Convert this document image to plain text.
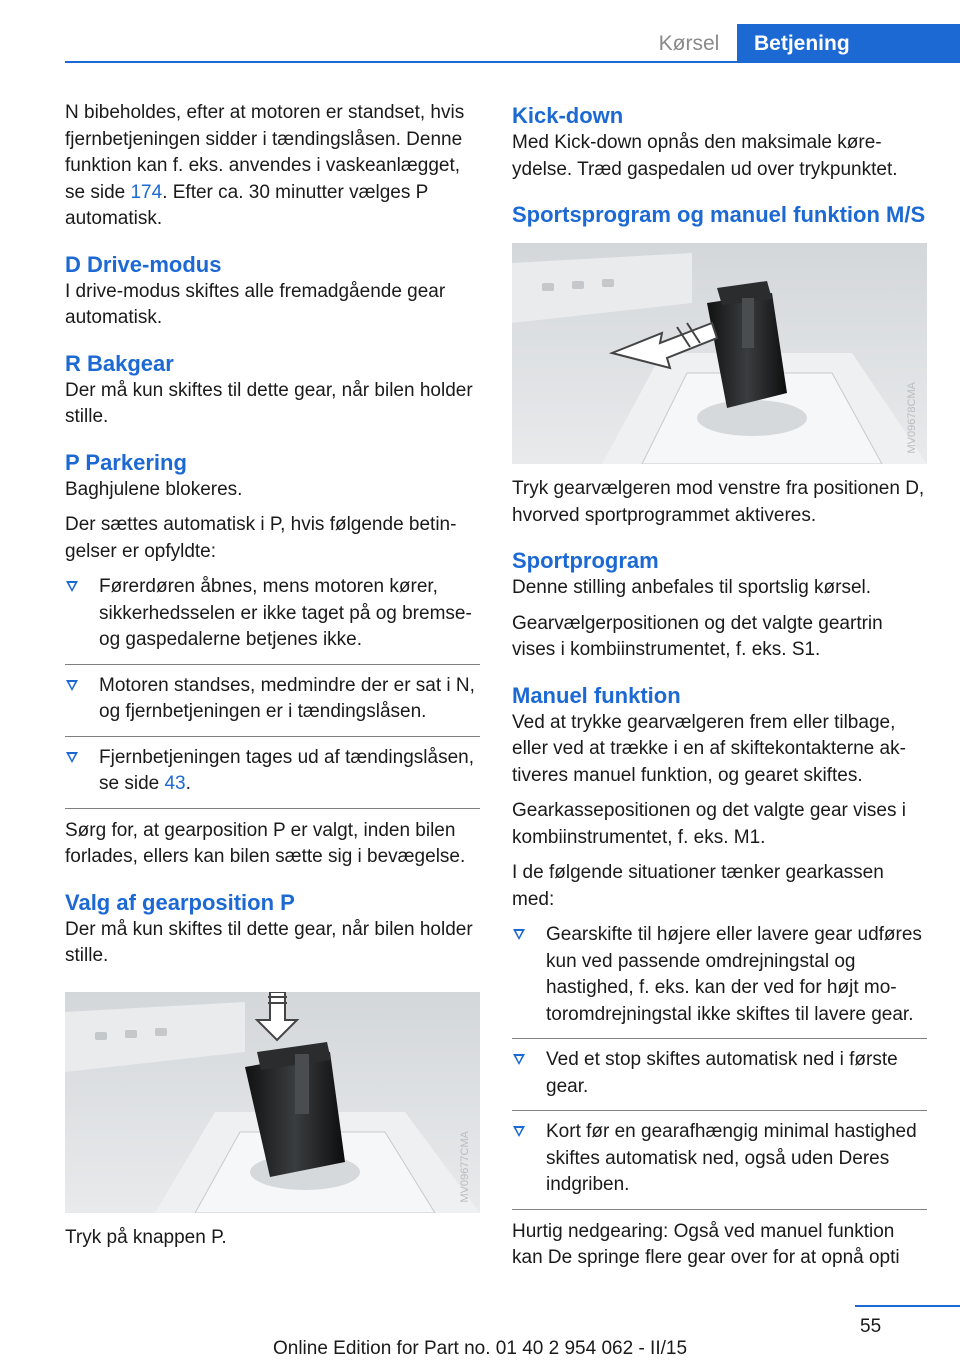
Kørsel	Betjening

N bibeholdes, efter at motoren er standset, hvis fjernbetjeningen sidder i tændingslåsen. Denne funktion kan f. eks. anvendes i vaskeanlægget, se side 174. Efter ca. 30 minutter vælges P automatisk.

D Drive-modus

I drive-modus skiftes alle fremadgående gear automatisk.

R Bakgear

Der må kun skiftes til dette gear, når bilen holder stille.

P Parkering

Baghjulene blokeres.

Der sættes automatisk i P, hvis følgende betingelser er opfyldte:

Førerdøren åbnes, mens motoren kører, sikkerhedsselen er ikke taget på og bremse- og gaspedalerne betjenes ikke.
Motoren standses, medmindre der er sat i N, og fjernbetjeningen er i tændingslåsen.
Fjernbetjeningen tages ud af tændingslåsen, se side 43.

Sørg for, at gearposition P er valgt, inden bilen forlades, ellers kan bilen sætte sig i bevægelse.

Valg af gearposition P

Der må kun skiftes til dette gear, når bilen holder stille.

MV09677CMA

Tryk på knappen P.

Kick-down

Med Kick-down opnås den maksimale køreydelse. Træd gaspedalen ud over trykpunktet.

Sportsprogram og manuel funktion M/S
MV09678CMA

Tryk gearvælgeren mod venstre fra positionen D, hvorved sportprogrammet aktiveres.

Sportprogram

Denne stilling anbefales til sportslig kørsel.

Gearvælgerpositionen og det valgte geartrin vises i kombiinstrumentet, f. eks. S1.

Manuel funktion

Ved at trykke gearvælgeren frem eller tilbage, eller ved at trække i en af skiftekontakterne aktiveres manuel funktion, og gearet skiftes.

Gearkassepositionen og det valgte gear vises i kombiinstrumentet, f. eks. M1.

I de følgende situationer tænker gearkassen med:

Gearskifte til højere eller lavere gear udføres kun ved passende omdrejningstal og hastighed, f. eks. kan der ved for højt motoromdrejningstal ikke skiftes til lavere gear.
Ved et stop skiftes automatisk ned i første gear.
Kort før en gearafhængig minimal hastighed skiftes automatisk ned, også uden Deres indgriben.

Hurtig nedgearing: Også ved manuel funktion kan De springe flere gear over for at opnå opti

55
Online Edition for Part no. 01 40 2 954 062 - II/15
